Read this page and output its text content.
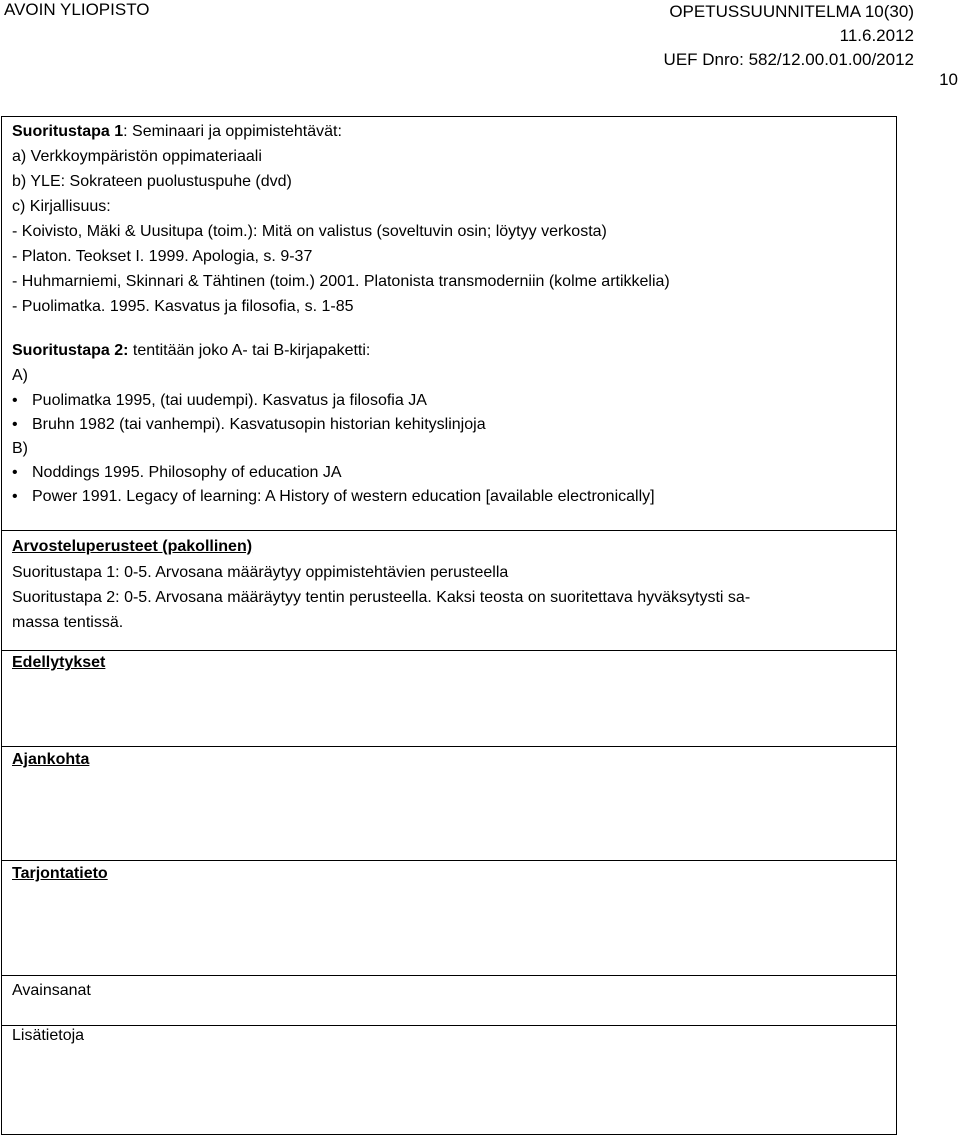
AVOIN YLIOPISTO	OPETUSSUUNNITELMA 10(30)
11.6.2012
UEF Dnro: 582/12.00.01.00/2012
10
Suoritustapa 1: Seminaari ja oppimistehtävät:
a) Verkkoympäristön oppimateriaali
b) YLE: Sokrateen puolustuspuhe (dvd)
c) Kirjallisuus:
- Koivisto, Mäki & Uusitupa (toim.): Mitä on valistus (soveltuvin osin; löytyy verkosta)
- Platon. Teokset I. 1999. Apologia, s. 9-37
- Huhmarniemi, Skinnari & Tähtinen (toim.) 2001. Platonista transmoderniin (kolme artikkelia)
- Puolimatka. 1995. Kasvatus ja filosofia, s. 1-85
Suoritustapa 2: tentitään joko A- tai B-kirjapaketti:
A)
• Puolimatka 1995, (tai uudempi). Kasvatus ja filosofia JA
• Bruhn 1982 (tai vanhempi). Kasvatusopin historian kehityslinjoja
B)
• Noddings 1995. Philosophy of education JA
• Power 1991. Legacy of learning: A History of western education [available electronically]
Arvosteluperusteet (pakollinen)
Suoritustapa 1: 0-5. Arvosana määräytyy oppimistehtävien perusteella
Suoritustapa 2: 0-5. Arvosana määräytyy tentin perusteella. Kaksi teosta on suoritettava hyväksytysti sa-
massa tentissä.
Edellytykset
Ajankohta
Tarjontatieto
Avainsanat
Lisätietoja
